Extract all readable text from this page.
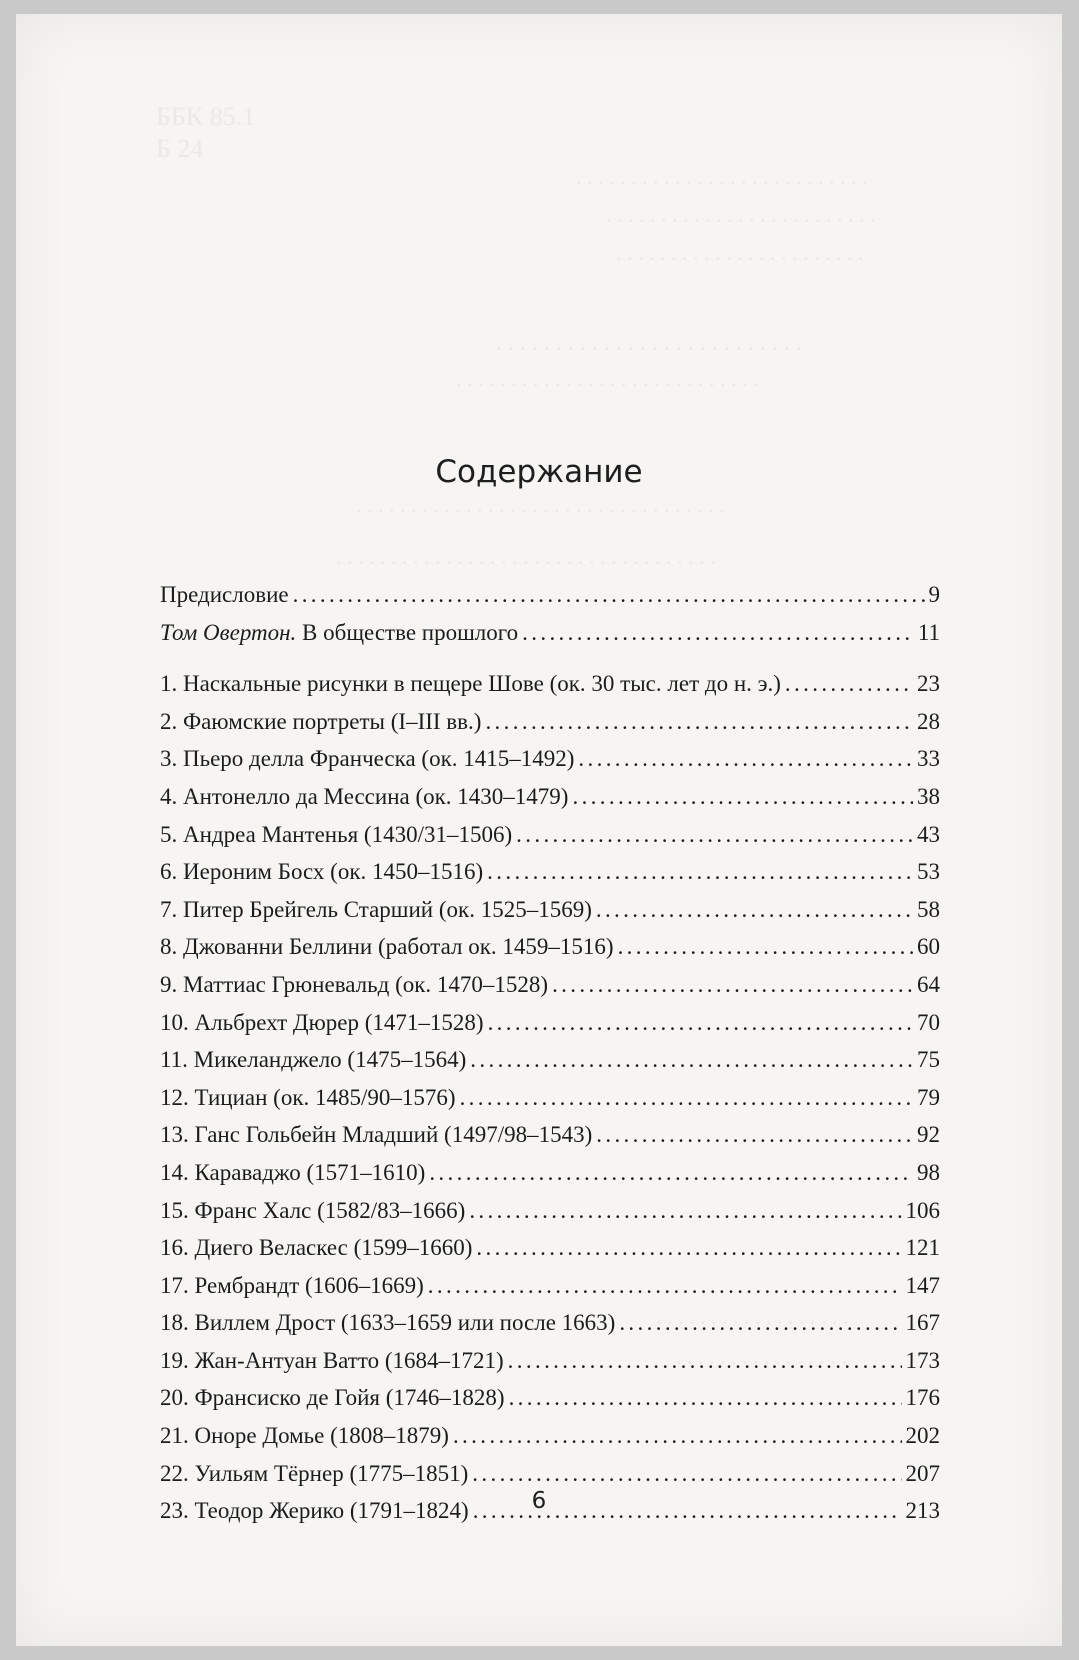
ББК 85.1
Б 24
. . . . . . . . . . . . . . . . . . . . . . . . . . .
. . . . . . . . . . . . . . . . . . . . . . . . .
. . . . . . . . . . . . . . . . . . . . . . .
. . . . . . . . . . . . . . . . . . . . . . . . . .
. . . . . . . . . . . . . . . . . . . . . . . . . . . .
. . . . . . . . . . . . . . . . . . . . . . . . . . . . . . . . . .
. . . . . . . . . . . . . . . . . . . . . . . . . . . . . . . . . . .
. . . . . . . . . . . . . . . . . .
. . . . . . . . . . . . . . . .
Содержание
Предисловие . . .	9
Том Овертон. В обществе прошлого . . .	11
1. Наскальные рисунки в пещере Шове (ок. 30 тыс. лет до н. э.) . . .	23
2. Фаюмские портреты (I–III вв.) . . .	28
3. Пьеро делла Франческа (ок. 1415–1492) . . .	33
4. Антонелло да Мессина (ок. 1430–1479) . . .	38
5. Андреа Мантенья (1430/31–1506) . . .	43
6. Иероним Босх (ок. 1450–1516) . . .	53
7. Питер Брейгель Старший (ок. 1525–1569) . . .	58
8. Джованни Беллини (работал ок. 1459–1516) . . .	60
9. Маттиас Грюневальд (ок. 1470–1528) . . .	64
10. Альбрехт Дюрер (1471–1528) . . .	70
11. Микеланджело (1475–1564) . . .	75
12. Тициан (ок. 1485/90–1576) . . .	79
13. Ганс Гольбейн Младший (1497/98–1543) . . .	92
14. Караваджо (1571–1610) . . .	98
15. Франс Халс (1582/83–1666) . . .	106
16. Диего Веласкес (1599–1660) . . .	121
17. Рембрандт (1606–1669) . . .	147
18. Виллем Дрост (1633–1659 или после 1663) . . .	167
19. Жан-Антуан Ватто (1684–1721) . . .	173
20. Франсиско де Гойя (1746–1828) . . .	176
21. Оноре Домье (1808–1879) . . .	202
22. Уильям Тёрнер (1775–1851) . . .	207
23. Теодор Жерико (1791–1824) . . .	213
6
